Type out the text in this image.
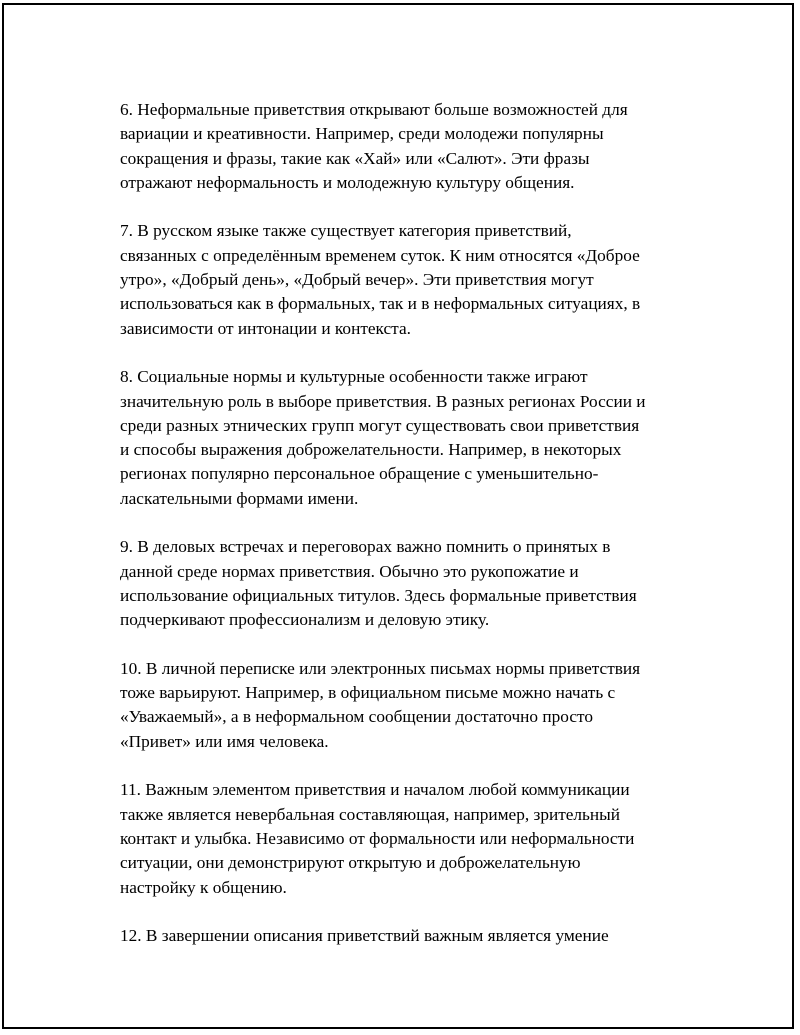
6. Неформальные приветствия открывают больше возможностей для
вариации и креативности. Например, среди молодежи популярны
сокращения и фразы, такие как «Хай» или «Салют». Эти фразы
отражают неформальность и молодежную культуру общения.

7. В русском языке также существует категория приветствий,
связанных с определённым временем суток. К ним относятся «Доброе
утро», «Добрый день», «Добрый вечер». Эти приветствия могут
использоваться как в формальных, так и в неформальных ситуациях, в
зависимости от интонации и контекста.

8. Социальные нормы и культурные особенности также играют
значительную роль в выборе приветствия. В разных регионах России и
среди разных этнических групп могут существовать свои приветствия
и способы выражения доброжелательности. Например, в некоторых
регионах популярно персональное обращение с уменьшительно-
ласкательными формами имени.

9. В деловых встречах и переговорах важно помнить о принятых в
данной среде нормах приветствия. Обычно это рукопожатие и
использование официальных титулов. Здесь формальные приветствия
подчеркивают профессионализм и деловую этику.

10. В личной переписке или электронных письмах нормы приветствия
тоже варьируют. Например, в официальном письме можно начать с
«Уважаемый», а в неформальном сообщении достаточно просто
«Привет» или имя человека.

11. Важным элементом приветствия и началом любой коммуникации
также является невербальная составляющая, например, зрительный
контакт и улыбка. Независимо от формальности или неформальности
ситуации, они демонстрируют открытую и доброжелательную
настройку к общению.

12. В завершении описания приветствий важным является умение
